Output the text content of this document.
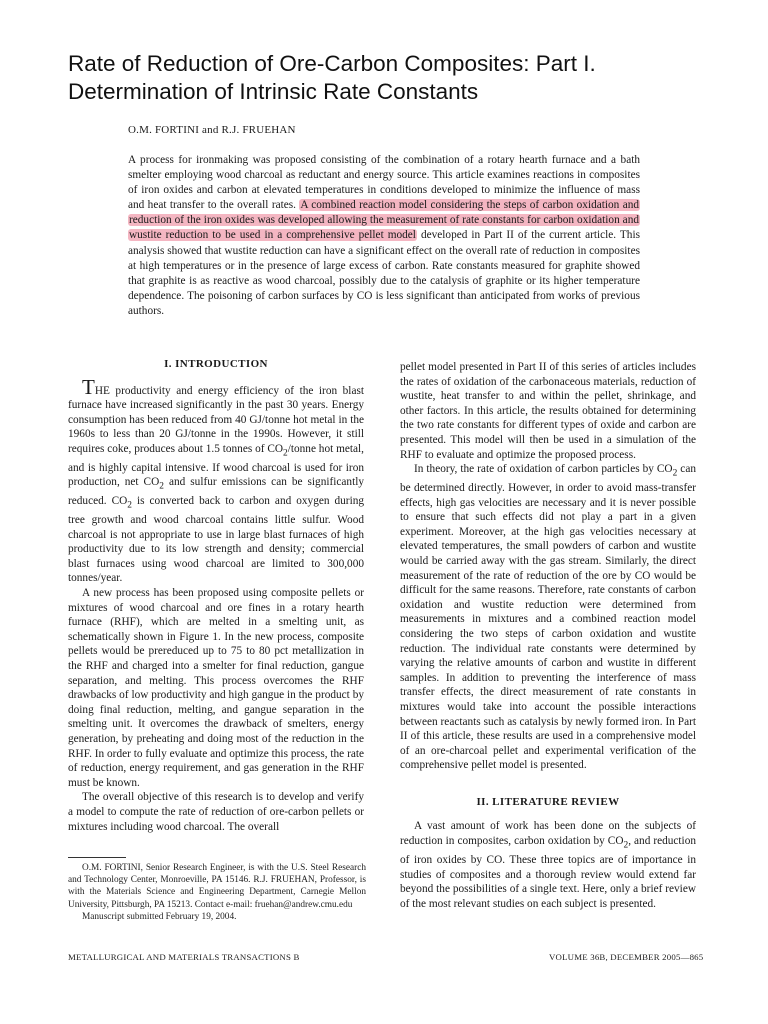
Rate of Reduction of Ore-Carbon Composites: Part I. Determination of Intrinsic Rate Constants

O.M. FORTINI and R.J. FRUEHAN

A process for ironmaking was proposed consisting of the combination of a rotary hearth furnace and a bath smelter employing wood charcoal as reductant and energy source. This article examines reactions in composites of iron oxides and carbon at elevated temperatures in conditions developed to minimize the influence of mass and heat transfer to the overall rates. A combined reaction model considering the steps of carbon oxidation and reduction of the iron oxides was developed allowing the measurement of rate constants for carbon oxidation and wustite reduction to be used in a comprehensive pellet model developed in Part II of the current article. This analysis showed that wustite reduction can have a significant effect on the overall rate of reduction in composites at high temperatures or in the presence of large excess of carbon. Rate constants measured for graphite showed that graphite is as reactive as wood charcoal, possibly due to the catalysis of graphite or its higher temperature dependence. The poisoning of carbon surfaces by CO is less significant than anticipated from works of previous authors.

I. INTRODUCTION

THE productivity and energy efficiency of the iron blast furnace have increased significantly in the past 30 years. Energy consumption has been reduced from 40 GJ/tonne hot metal in the 1960s to less than 20 GJ/tonne in the 1990s. However, it still requires coke, produces about 1.5 tonnes of $CO_2$/tonne hot metal, and is highly capital intensive. If wood charcoal is used for iron production, net $CO_2$ and sulfur emissions can be significantly reduced. $CO_2$ is converted back to carbon and oxygen during tree growth and wood charcoal contains little sulfur. Wood charcoal is not appropriate to use in large blast furnaces of high productivity due to its low strength and density; commercial blast furnaces using wood charcoal are limited to 300,000 tonnes/year.

A new process has been proposed using composite pellets or mixtures of wood charcoal and ore fines in a rotary hearth furnace (RHF), which are melted in a smelting unit, as schematically shown in Figure 1. In the new process, composite pellets would be prereduced up to 75 to 80 pct metallization in the RHF and charged into a smelter for final reduction, gangue separation, and melting. This process overcomes the RHF drawbacks of low productivity and high gangue in the product by doing final reduction, melting, and gangue separation in the smelting unit. It overcomes the drawback of smelters, energy generation, by preheating and doing most of the reduction in the RHF. In order to fully evaluate and optimize this process, the rate of reduction, energy requirement, and gas generation in the RHF must be known.

The overall objective of this research is to develop and verify a model to compute the rate of reduction of ore-carbon pellets or mixtures including wood charcoal. The overall

pellet model presented in Part II of this series of articles includes the rates of oxidation of the carbonaceous materials, reduction of wustite, heat transfer to and within the pellet, shrinkage, and other factors. In this article, the results obtained for determining the two rate constants for different types of oxide and carbon are presented. This model will then be used in a simulation of the RHF to evaluate and optimize the proposed process.

In theory, the rate of oxidation of carbon particles by $CO_2$ can be determined directly. However, in order to avoid mass-transfer effects, high gas velocities are necessary and it is never possible to ensure that such effects did not play a part in a given experiment. Moreover, at the high gas velocities necessary at elevated temperatures, the small powders of carbon and wustite would be carried away with the gas stream. Similarly, the direct measurement of the rate of reduction of the ore by CO would be difficult for the same reasons. Therefore, rate constants of carbon oxidation and wustite reduction were determined from measurements in mixtures and a combined reaction model considering the two steps of carbon oxidation and wustite reduction. The individual rate constants were determined by varying the relative amounts of carbon and wustite in different samples. In addition to preventing the interference of mass transfer effects, the direct measurement of rate constants in mixtures would take into account the possible interactions between reactants such as catalysis by newly formed iron. In Part II of this article, these results are used in a comprehensive model of an ore-charcoal pellet and experimental verification of the comprehensive pellet model is presented.

II. LITERATURE REVIEW

A vast amount of work has been done on the subjects of reduction in composites, carbon oxidation by $CO_2$, and reduction of iron oxides by CO. These three topics are of importance in studies of composites and a thorough review would extend far beyond the possibilities of a single text. Here, only a brief review of the most relevant studies on each subject is presented.

O.M. FORTINI, Senior Research Engineer, is with the U.S. Steel Research and Technology Center, Monroeville, PA 15146. R.J. FRUEHAN, Professor, is with the Materials Science and Engineering Department, Carnegie Mellon University, Pittsburgh, PA 15213. Contact e-mail: fruehan@andrew.cmu.edu

Manuscript submitted February 19, 2004.

METALLURGICAL AND MATERIALS TRANSACTIONS B	VOLUME 36B, DECEMBER 2005—865
